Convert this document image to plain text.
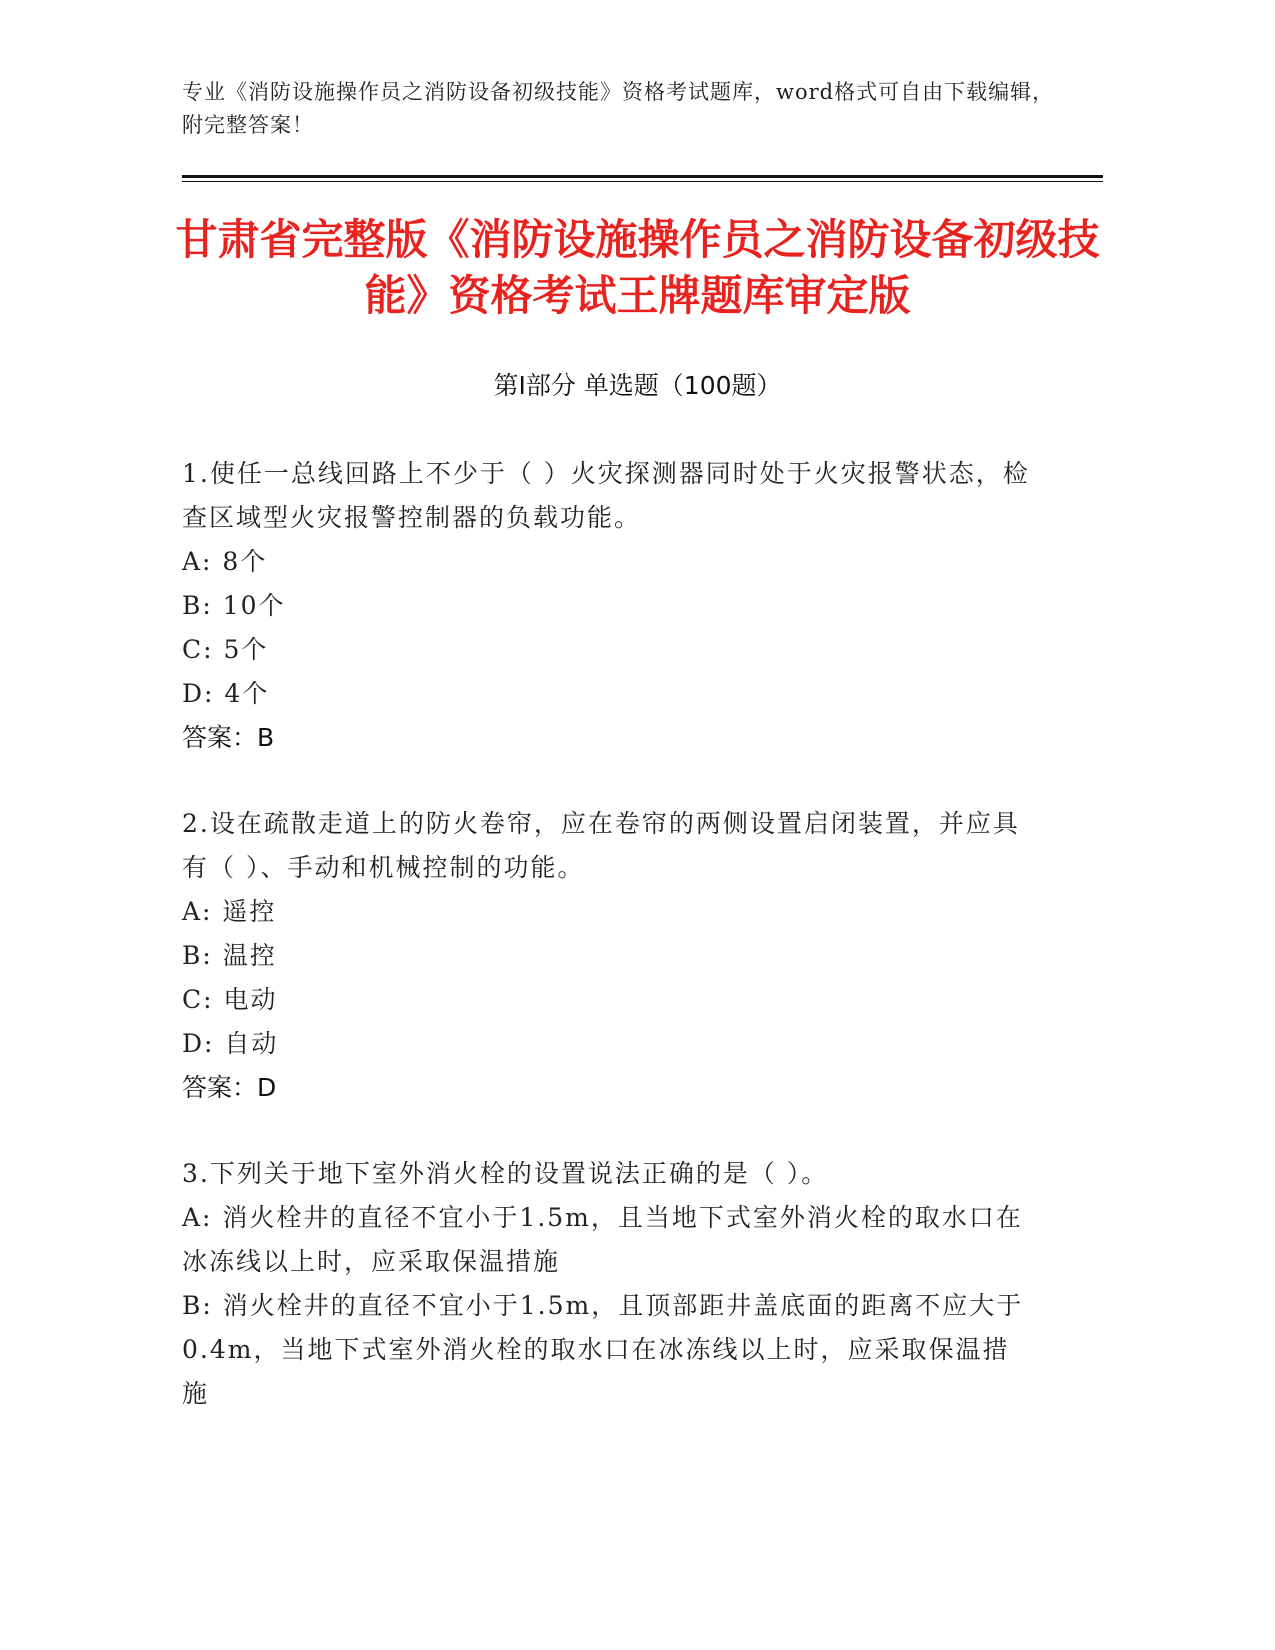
专业《消防设施操作员之消防设备初级技能》资格考试题库，word格式可自由下载编辑，附完整答案！
甘肃省完整版《消防设施操作员之消防设备初级技能》资格考试王牌题库审定版
第Ⅰ部分 单选题（100题）
1.使任一总线回路上不少于（ ）火灾探测器同时处于火灾报警状态，检查区域型火灾报警控制器的负载功能。
A: 8个
B: 10个
C: 5个
D: 4个
答案：B
2.设在疏散走道上的防火卷帘，应在卷帘的两侧设置启闭装置，并应具有（ ）、手动和机械控制的功能。
A: 遥控
B: 温控
C: 电动
D: 自动
答案：D
3.下列关于地下室外消火栓的设置说法正确的是（ ）。
A: 消火栓井的直径不宜小于1.5m，且当地下式室外消火栓的取水口在冰冻线以上时，应采取保温措施
B: 消火栓井的直径不宜小于1.5m，且顶部距井盖底面的距离不应大于0.4m，当地下式室外消火栓的取水口在冰冻线以上时，应采取保温措施
